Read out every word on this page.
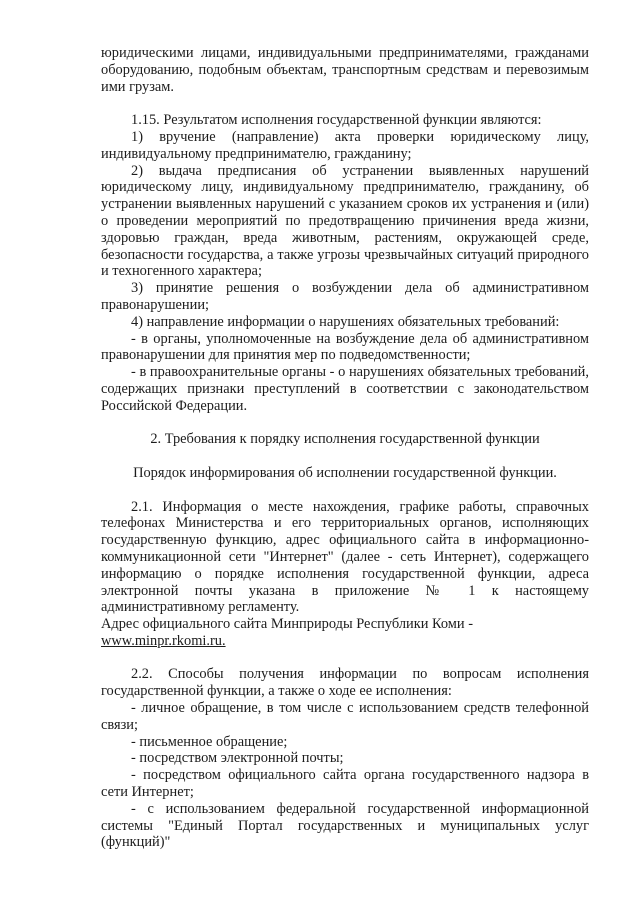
юридическими лицами, индивидуальными предпринимателями, гражданами оборудованию, подобным объектам, транспортным средствам и перевозимым ими грузам.

1.15. Результатом исполнения государственной функции являются:

1) вручение (направление) акта проверки юридическому лицу, индивидуальному предпринимателю, гражданину;

2) выдача предписания об устранении выявленных нарушений юридическому лицу, индивидуальному предпринимателю, гражданину, об устранении выявленных нарушений с указанием сроков их устранения и (или) о проведении мероприятий по предотвращению причинения вреда жизни, здоровью граждан, вреда животным, растениям, окружающей среде, безопасности государства, а также угрозы чрезвычайных ситуаций природного и техногенного характера;

3) принятие решения о возбуждении дела об административном правонарушении;

4) направление информации о нарушениях обязательных требований:

- в органы, уполномоченные на возбуждение дела об административном правонарушении для принятия мер по подведомственности;

- в правоохранительные органы - о нарушениях обязательных требований, содержащих признаки преступлений в соответствии с законодательством Российской Федерации.

2. Требования к порядку исполнения государственной функции

Порядок информирования об исполнении государственной функции.

2.1. Информация о месте нахождения, графике работы, справочных телефонах Министерства и его территориальных органов, исполняющих государственную функцию, адрес официального сайта в информационно-коммуникационной сети "Интернет" (далее - сеть Интернет), содержащего информацию о порядке исполнения государственной функции, адреса электронной почты указана в приложение № 1 к настоящему административному регламенту.

Адрес официального сайта Минприроды Республики Коми -

www.minpr.rkomi.ru.

2.2. Способы получения информации по вопросам исполнения государственной функции, а также о ходе ее исполнения:

- личное обращение, в том числе с использованием средств телефонной связи;

- письменное обращение;

- посредством электронной почты;

- посредством официального сайта органа государственного надзора в сети Интернет;

- с использованием федеральной государственной информационной системы "Единый Портал государственных и муниципальных услуг (функций)"
